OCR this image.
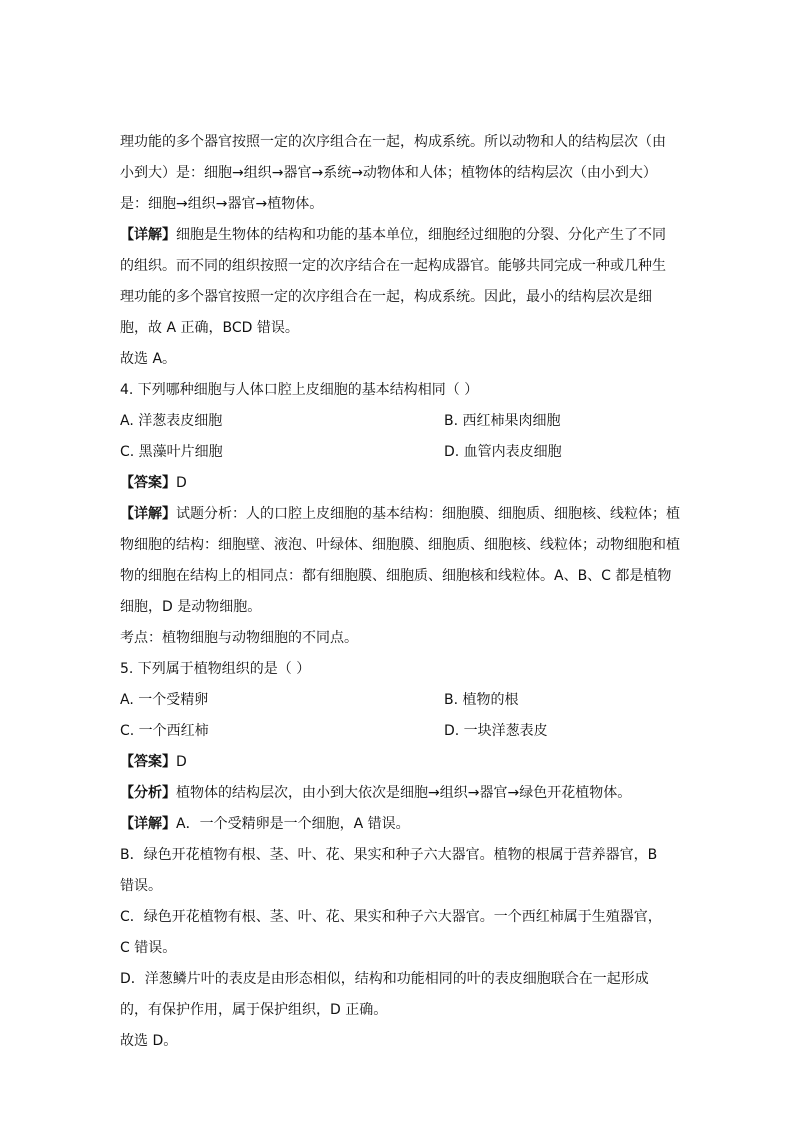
理功能的多个器官按照一定的次序组合在一起，构成系统。所以动物和人的结构层次（由
小到大）是：细胞→组织→器官→系统→动物体和人体；植物体的结构层次（由小到大）
是：细胞→组织→器官→植物体。
【详解】细胞是生物体的结构和功能的基本单位，细胞经过细胞的分裂、分化产生了不同
的组织。而不同的组织按照一定的次序结合在一起构成器官。能够共同完成一种或几种生
理功能的多个器官按照一定的次序组合在一起，构成系统。因此，最小的结构层次是细
胞，故 A 正确，BCD 错误。
故选 A。
4. 下列哪种细胞与人体口腔上皮细胞的基本结构相同（ ）
A. 洋葱表皮细胞	B. 西红柿果肉细胞
C. 黑藻叶片细胞	D. 血管内表皮细胞
【答案】D
【详解】试题分析：人的口腔上皮细胞的基本结构：细胞膜、细胞质、细胞核、线粒体；植
物细胞的结构：细胞壁、液泡、叶绿体、细胞膜、细胞质、细胞核、线粒体；动物细胞和植
物的细胞在结构上的相同点：都有细胞膜、细胞质、细胞核和线粒体。A、B、C 都是植物
细胞，D 是动物细胞。
考点：植物细胞与动物细胞的不同点。
5. 下列属于植物组织的是（ ）
A. 一个受精卵	B. 植物的根
C. 一个西红柿	D. 一块洋葱表皮
【答案】D
【分析】植物体的结构层次，由小到大依次是细胞→组织→器官→绿色开花植物体。
【详解】A．一个受精卵是一个细胞，A 错误。
B．绿色开花植物有根、茎、叶、花、果实和种子六大器官。植物的根属于营养器官，B
错误。
C．绿色开花植物有根、茎、叶、花、果实和种子六大器官。一个西红柿属于生殖器官，
C 错误。
D．洋葱鳞片叶的表皮是由形态相似，结构和功能相同的叶的表皮细胞联合在一起形成
的，有保护作用，属于保护组织，D 正确。
故选 D。
